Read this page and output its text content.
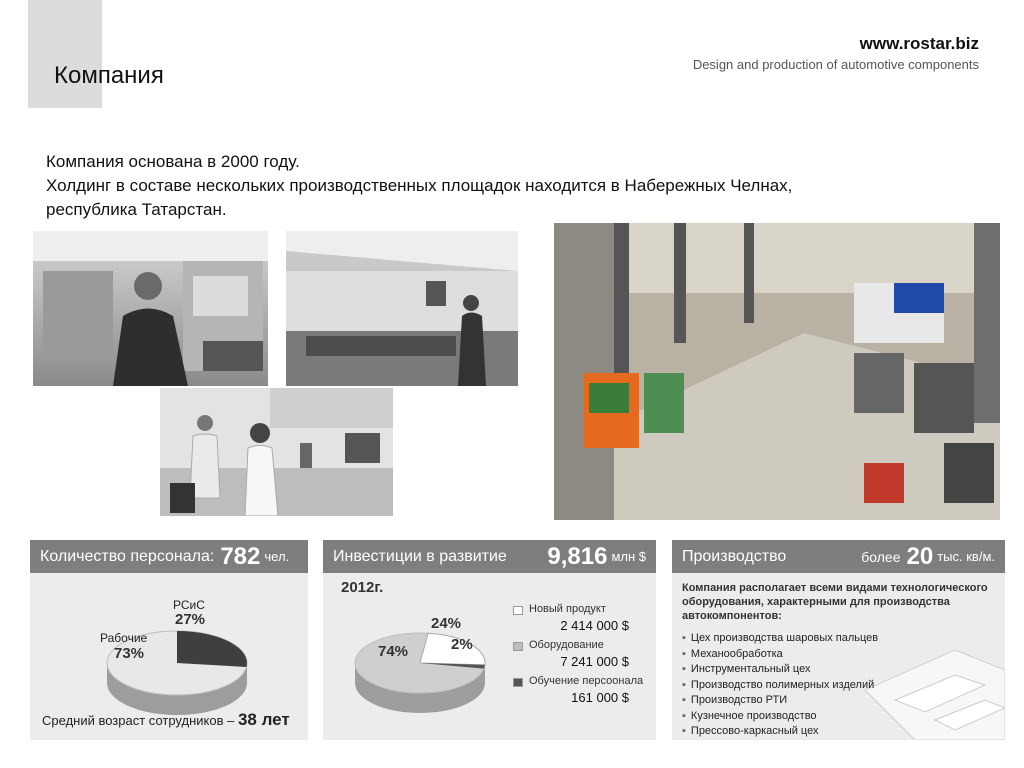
Компания
www.rostar.biz
Design and production of automotive components
Компания основана в 2000 году.
Холдинг в составе нескольких производственных площадок находится в Набережных Челнах,
республика Татарстан.
Количество персонала: 782 чел.
РСиС
27%
Рабочие
73%
Средний возраст сотрудников – 38 лет
Инвестиции в развитие 9,816 млн $
2012г.
24%
2%
74%
Новый продукт
2 414 000 $
Оборудование
7 241 000 $
Обучение персоонала
161 000 $
Производство	более 20 тыс. кв/м.
Компания располагает всеми видами технологического оборудования, характерными для производства автокомпонентов:
▪ Цех производства шаровых пальцев
▪ Механообработка
▪ Инструментальный цех
▪ Производство полимерных изделий
▪ Производство РТИ
▪ Кузнечное производство
▪ Прессово-каркасный цех
